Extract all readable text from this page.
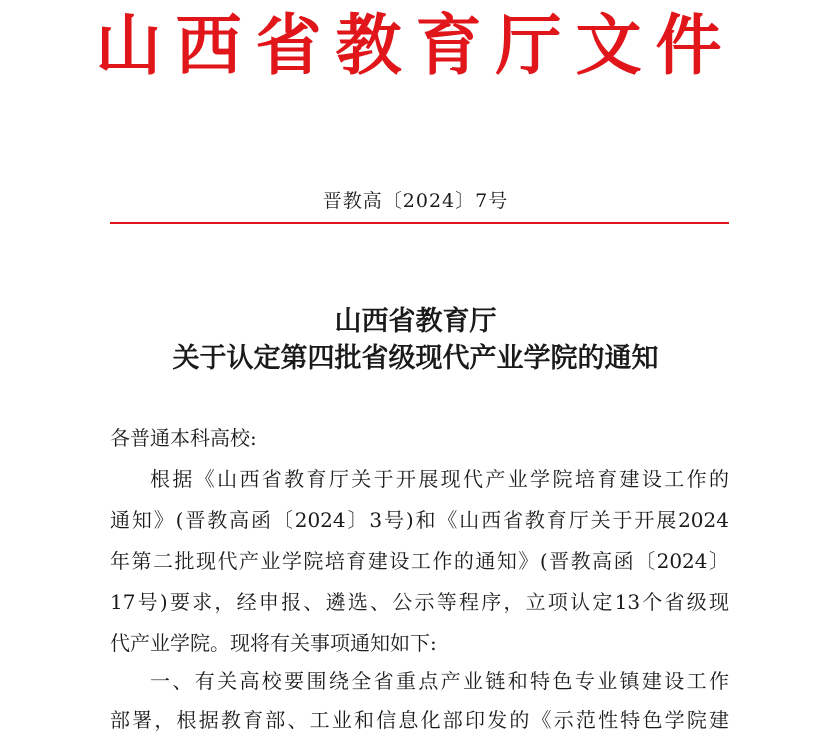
山西省教育厅文件
晋教高〔2024〕7号
山西省教育厅
关于认定第四批省级现代产业学院的通知
各普通本科高校:
根据《山西省教育厅关于开展现代产业学院培育建设工作的
通知》(晋教高函〔2024〕3号)和《山西省教育厅关于开展2024
年第二批现代产业学院培育建设工作的通知》(晋教高函〔2024〕
17号)要求，经申报、遴选、公示等程序，立项认定13个省级现
代产业学院。现将有关事项通知如下:
一、有关高校要围绕全省重点产业链和特色专业镇建设工作
部署，根据教育部、工业和信息化部印发的《示范性特色学院建
